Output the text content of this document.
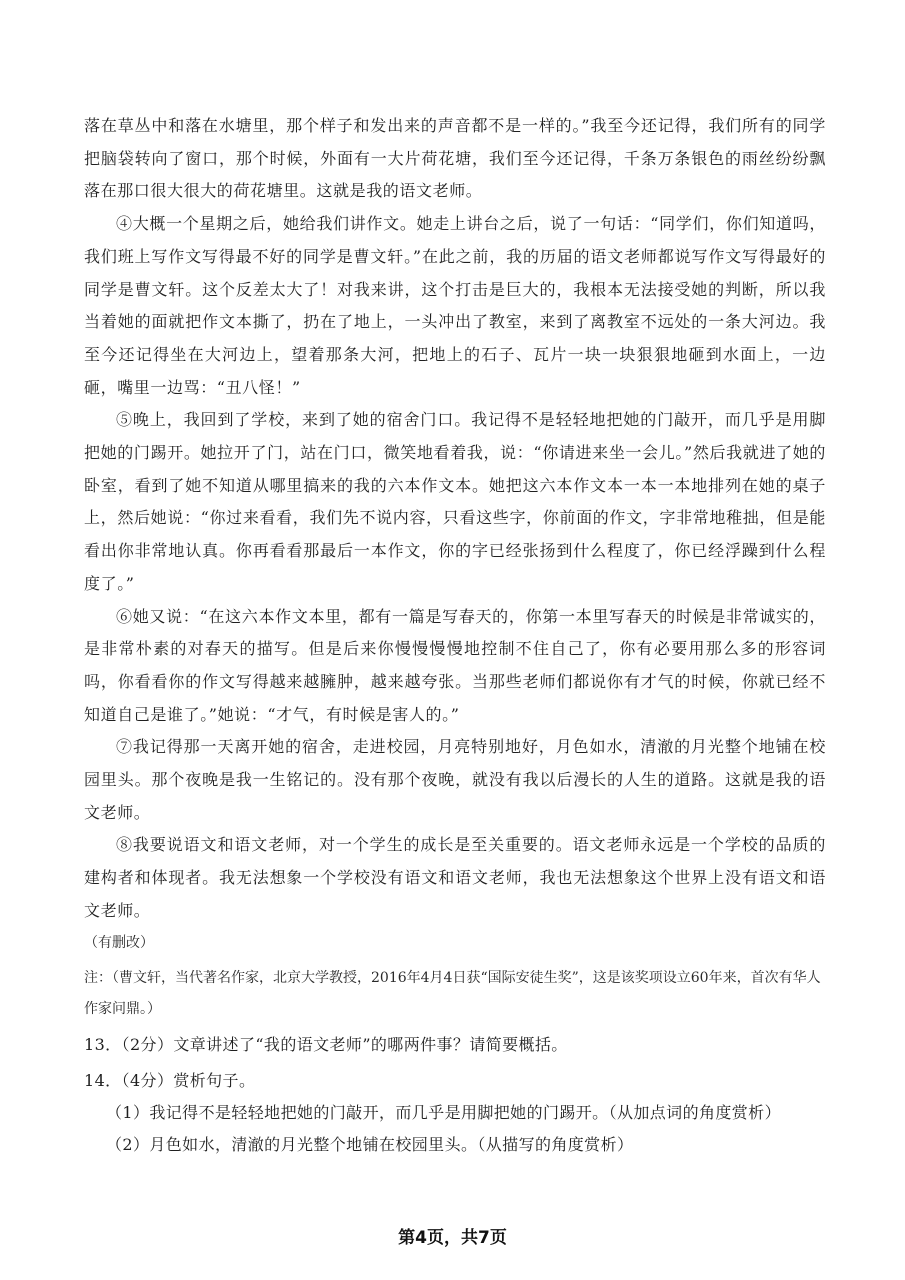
落在草丛中和落在水塘里，那个样子和发出来的声音都不是一样的。”我至今还记得，我们所有的同学把脑袋转向了窗口，那个时候，外面有一大片荷花塘，我们至今还记得，千条万条银色的雨丝纷纷飘落在那口很大很大的荷花塘里。这就是我的语文老师。

④大概一个星期之后，她给我们讲作文。她走上讲台之后，说了一句话：“同学们，你们知道吗，我们班上写作文写得最不好的同学是曹文轩。”在此之前，我的历届的语文老师都说写作文写得最好的同学是曹文轩。这个反差太大了！对我来讲，这个打击是巨大的，我根本无法接受她的判断，所以我当着她的面就把作文本撕了，扔在了地上，一头冲出了教室，来到了离教室不远处的一条大河边。我至今还记得坐在大河边上，望着那条大河，把地上的石子、瓦片一块一块狠狠地砸到水面上，一边砸，嘴里一边骂：“丑八怪！”

⑤晚上，我回到了学校，来到了她的宿舍门口。我记得不是轻轻地把她的门敲开，而几乎是用脚把她的门踢开。她拉开了门，站在门口，微笑地看着我，说：“你请进来坐一会儿。”然后我就进了她的卧室，看到了她不知道从哪里搞来的我的六本作文本。她把这六本作文本一本一本地排列在她的桌子上，然后她说：“你过来看看，我们先不说内容，只看这些字，你前面的作文，字非常地稚拙，但是能看出你非常地认真。你再看看那最后一本作文，你的字已经张扬到什么程度了，你已经浮躁到什么程度了。”

⑥她又说：“在这六本作文本里，都有一篇是写春天的，你第一本里写春天的时候是非常诚实的，是非常朴素的对春天的描写。但是后来你慢慢慢慢地控制不住自己了，你有必要用那么多的形容词吗，你看看你的作文写得越来越臃肿，越来越夸张。当那些老师们都说你有才气的时候，你就已经不知道自己是谁了。”她说：“才气，有时候是害人的。”

⑦我记得那一天离开她的宿舍，走进校园，月亮特别地好，月色如水，清澈的月光整个地铺在校园里头。那个夜晚是我一生铭记的。没有那个夜晚，就没有我以后漫长的人生的道路。这就是我的语文老师。

⑧我要说语文和语文老师，对一个学生的成长是至关重要的。语文老师永远是一个学校的品质的建构者和体现者。我无法想象一个学校没有语文和语文老师，我也无法想象这个世界上没有语文和语文老师。

（有删改）

注：（曹文轩，当代著名作家，北京大学教授，2016年4月4日获“国际安徒生奖”，这是该奖项设立60年来，首次有华人作家问鼎。）

13．（2分）文章讲述了“我的语文老师”的哪两件事？请简要概括。

14．（4分）赏析句子。

（1）我记得不是轻轻地把她的门敲开，而几乎是用脚把她的门踢开。（从加点词的角度赏析）

（2）月色如水，清澈的月光整个地铺在校园里头。（从描写的角度赏析）

第4页，共7页
